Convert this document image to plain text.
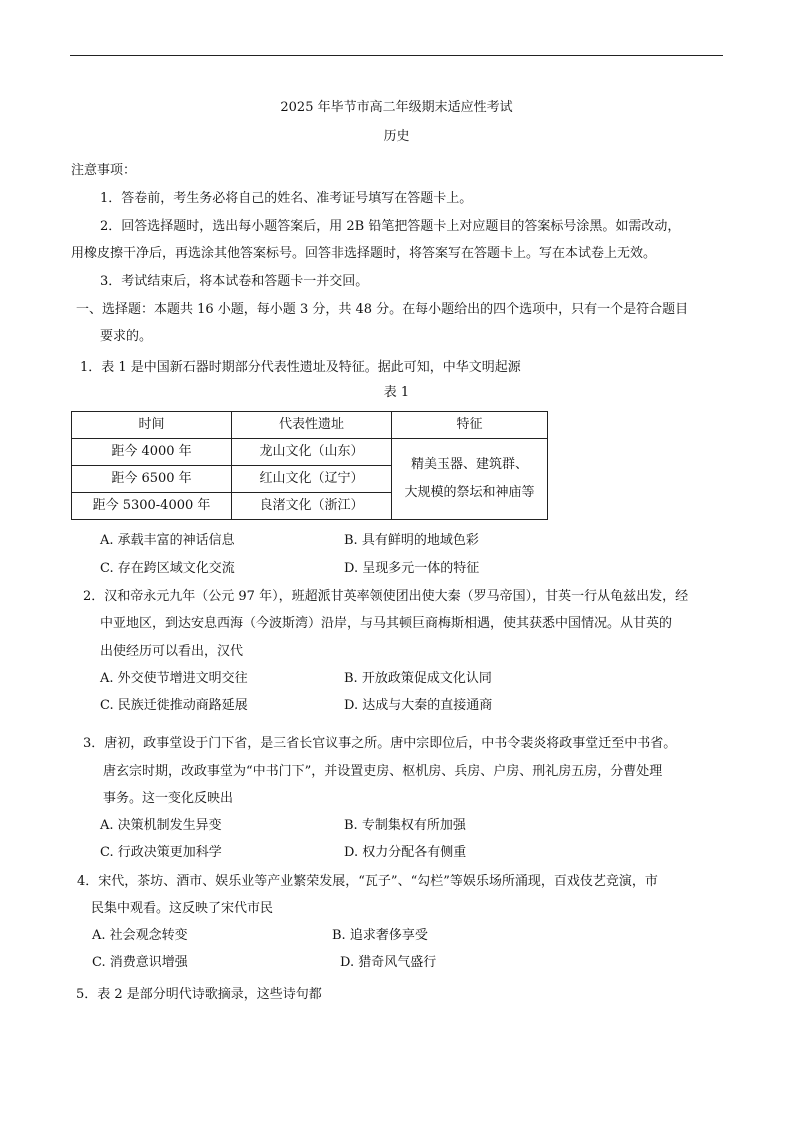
2025 年毕节市高二年级期末适应性考试
历史
注意事项：
1．答卷前，考生务必将自己的姓名、准考证号填写在答题卡上。
2．回答选择题时，选出每小题答案后，用 2B 铅笔把答题卡上对应题目的答案标号涂黑。如需改动，
用橡皮擦干净后，再选涂其他答案标号。回答非选择题时，将答案写在答题卡上。写在本试卷上无效。
3．考试结束后，将本试卷和答题卡一并交回。
一、选择题：本题共 16 小题，每小题 3 分，共 48 分。在每小题给出的四个选项中，只有一个是符合题目
要求的。
1．表 1 是中国新石器时期部分代表性遗址及特征。据此可知，中华文明起源
表 1
时间	代表性遗址	特征
距今 4000 年	龙山文化（山东）	精美玉器、建筑群、
大规模的祭坛和神庙等

距今 6500 年	红山文化（辽宁）	
距今 5300-4000 年	良渚文化（浙江）	
A. 承载丰富的神话信息	B. 具有鲜明的地域色彩
C. 存在跨区域文化交流	D. 呈现多元一体的特征
2．汉和帝永元九年（公元 97 年），班超派甘英率领使团出使大秦（罗马帝国），甘英一行从龟兹出发，经
中亚地区，到达安息西海（今波斯湾）沿岸，与马其顿巨商梅斯相遇，使其获悉中国情况。从甘英的
出使经历可以看出，汉代
A. 外交使节增进文明交往	B. 开放政策促成文化认同
C. 民族迁徙推动商路延展	D. 达成与大秦的直接通商
3．唐初，政事堂设于门下省，是三省长官议事之所。唐中宗即位后，中书令裴炎将政事堂迁至中书省。
唐玄宗时期，改政事堂为“中书门下”，并设置吏房、枢机房、兵房、户房、刑礼房五房，分曹处理
事务。这一变化反映出
A. 决策机制发生异变	B. 专制集权有所加强
C. 行政决策更加科学	D. 权力分配各有侧重
4．宋代，茶坊、酒市、娱乐业等产业繁荣发展，“瓦子”、“勾栏”等娱乐场所涌现，百戏伎艺竞演，市
民集中观看。这反映了宋代市民
A. 社会观念转变	B. 追求奢侈享受
C. 消费意识增强	D. 猎奇风气盛行
5．表 2 是部分明代诗歌摘录，这些诗句都
